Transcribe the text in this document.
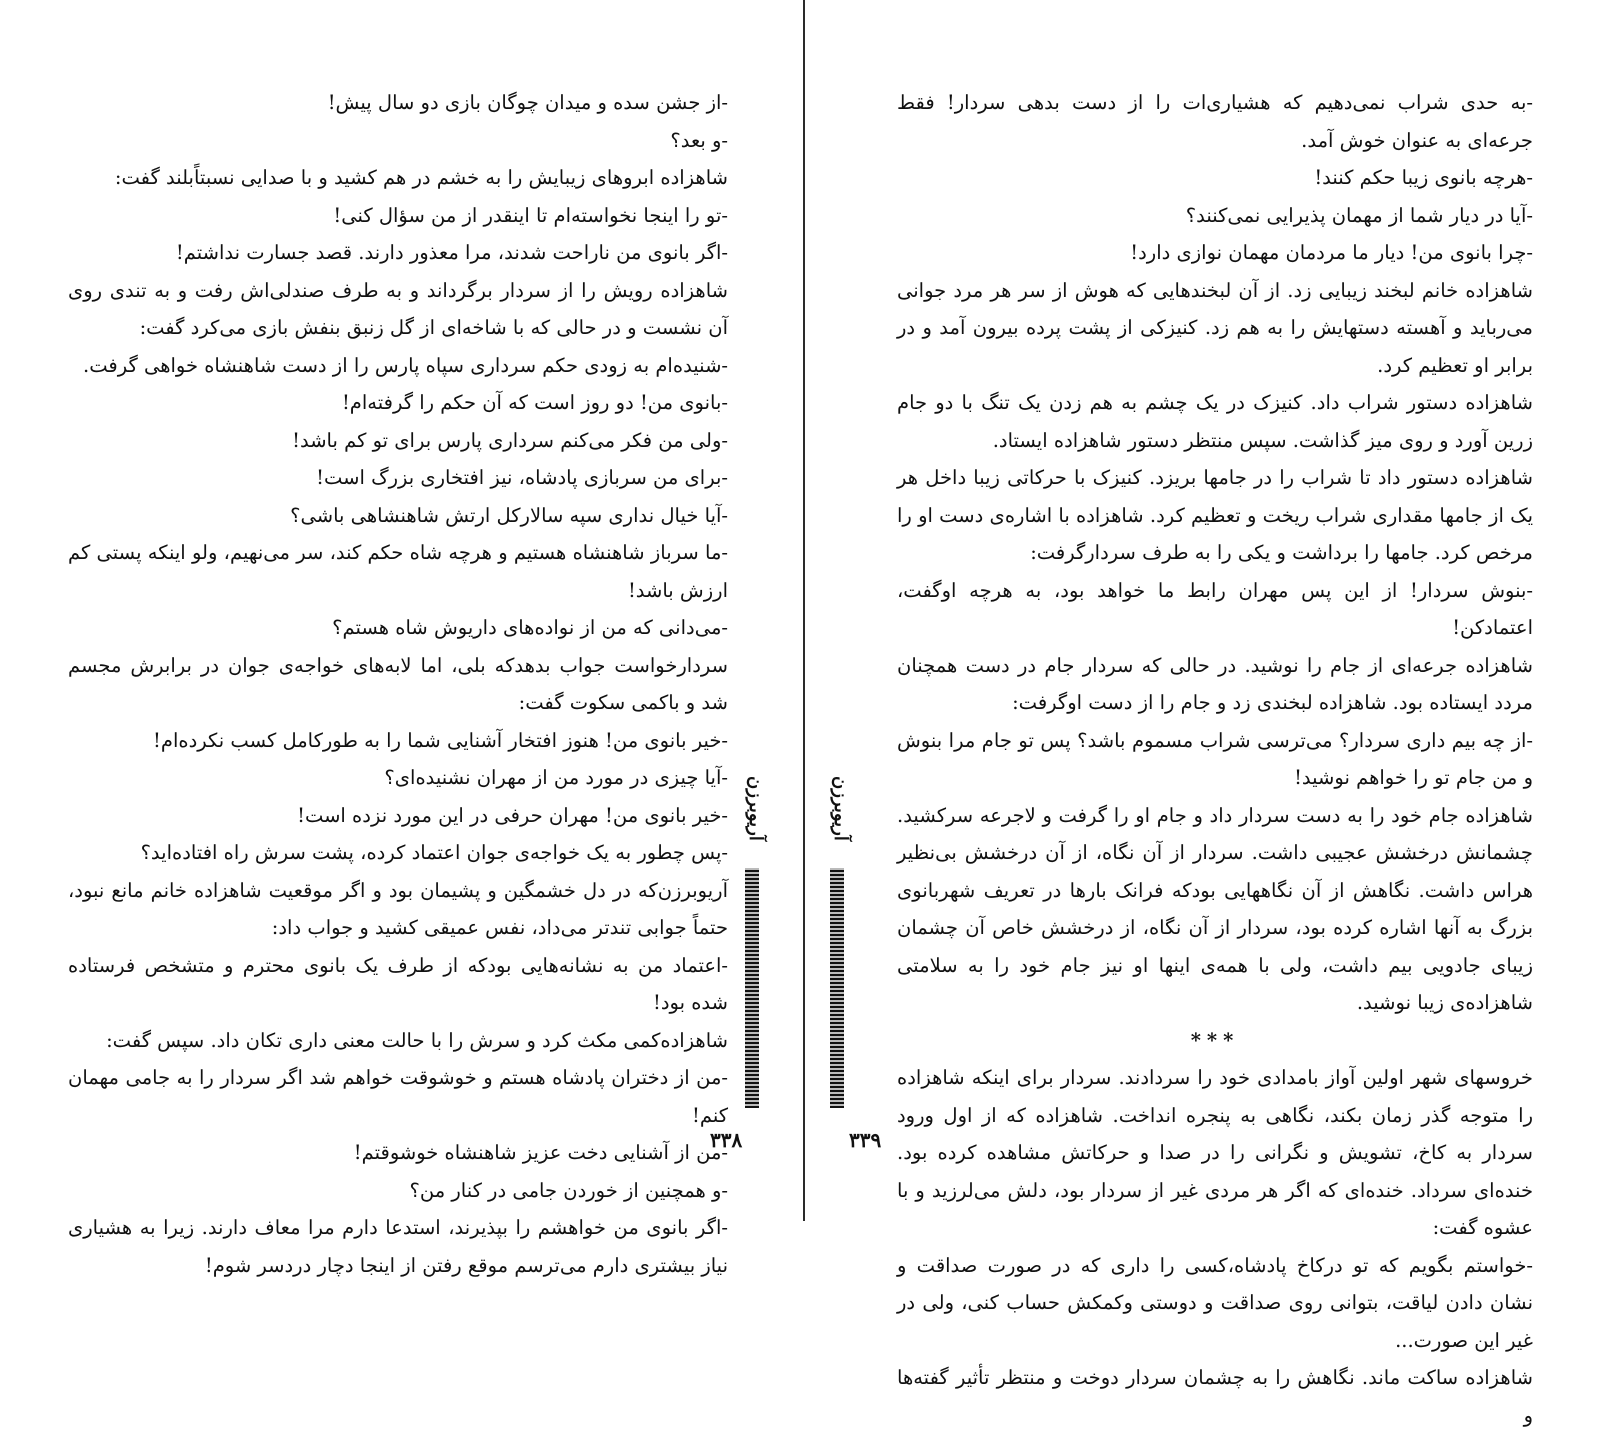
-از جشن سده و میدان چوگان بازی دو سال پیش!

-و بعد؟

شاهزاده ابروهای زیبایش را به خشم در هم کشید و با صدایی نسبتاًبلند گفت:

-تو را اینجا نخواسته‌ام تا اینقدر از من سؤال کنی!

-اگر بانوی من ناراحت شدند، مرا معذور دارند. قصد جسارت نداشتم!

شاهزاده رویش را از سردار برگرداند و به طرف صندلی‌اش رفت و به تندی روی آن نشست و در حالی که با شاخه‌ای از گل زنبق بنفش بازی می‌کرد گفت:

-شنیده‌ام به زودی حکم سرداری سپاه پارس را از دست شاهنشاه خواهی گرفت.

-بانوی من! دو روز است که آن حکم را گرفته‌ام!

-ولی من فکر می‌کنم سرداری پارس برای تو کم باشد!

-برای من سربازی پادشاه، نیز افتخاری بزرگ است!

-آیا خیال نداری سپه سالارکل ارتش شاهنشاهی باشی؟

-ما سرباز شاهنشاه هستیم و هرچه شاه حکم کند، سر می‌نهیم، ولو اینکه پستی کم ارزش باشد!

-می‌دانی که من از نواده‌های داریوش شاه هستم؟

سردارخواست جواب بدهدکه بلی، اما لابه‌های خواجه‌ی جوان در برابرش مجسم شد و باکمی سکوت گفت:

-خیر بانوی من! هنوز افتخار آشنایی شما را به طورکامل کسب نکرده‌ام!

-آیا چیزی در مورد من از مهران نشنیده‌ای؟

-خیر بانوی من! مهران حرفی در این مورد نزده است!

-پس چطور به یک خواجه‌ی جوان اعتماد کرده، پشت سرش راه افتاده‌اید؟

آریوبرزن‌که در دل خشمگین و پشیمان بود و اگر موقعیت شاهزاده خانم مانع نبود، حتماً جوابی تندتر می‌داد، نفس عمیقی کشید و جواب داد:

-اعتماد من به نشانه‌هایی بودکه از طرف یک بانوی محترم و متشخص فرستاده شده بود!

شاهزاده‌کمی مکث کرد و سرش را با حالت معنی داری تکان داد. سپس گفت:

-من از دختران پادشاه هستم و خوشوقت خواهم شد اگر سردار را به جامی مهمان کنم!

-من از آشنایی دخت عزیز شاهنشاه خوشوقتم!

-و همچنین از خوردن جامی در کنار من؟

-اگر بانوی من خواهشم را بپذیرند، استدعا دارم مرا معاف دارند. زیرا به هشیاری نیاز بیشتری دارم می‌ترسم موقع رفتن از اینجا دچار دردسر شوم!

آریوبرزن
۳۳۸

-به حدی شراب نمی‌دهیم که هشیاری‌ات را از دست بدهی سردار! فقط جرعه‌ای به عنوان خوش آمد.

-هرچه بانوی زیبا حکم کنند!

-آیا در دیار شما از مهمان پذیرایی نمی‌کنند؟

-چرا بانوی من! دیار ما مردمان مهمان نوازی دارد!

شاهزاده خانم لبخند زیبایی زد. از آن لبخندهایی که هوش از سر هر مرد جوانی می‌رباید و آهسته دستهایش را به هم زد. کنیزکی از پشت پرده بیرون آمد و در برابر او تعظیم کرد.

شاهزاده دستور شراب داد. کنیزک در یک چشم به هم زدن یک تنگ با دو جام زرین آورد و روی میز گذاشت. سپس منتظر دستور شاهزاده ایستاد.

شاهزاده دستور داد تا شراب را در جامها بریزد. کنیزک با حرکاتی زیبا داخل هر یک از جامها مقداری شراب ریخت و تعظیم کرد. شاهزاده با اشاره‌ی دست او را مرخص کرد. جامها را برداشت و یکی را به طرف سردارگرفت:

-بنوش سردار! از این پس مهران رابط ما خواهد بود، به هرچه اوگفت، اعتمادکن!

شاهزاده جرعه‌ای از جام را نوشید. در حالی که سردار جام در دست همچنان مردد ایستاده بود. شاهزاده لبخندی زد و جام را از دست اوگرفت:

-از چه بیم داری سردار؟ می‌ترسی شراب مسموم باشد؟ پس تو جام مرا بنوش و من جام تو را خواهم نوشید!

شاهزاده جام خود را به دست سردار داد و جام او را گرفت و لاجرعه سرکشید. چشمانش درخشش عجیبی داشت. سردار از آن نگاه، از آن درخشش بی‌نظیر هراس داشت. نگاهش از آن نگاههایی بودکه فرانک بارها در تعریف شهربانوی بزرگ به آنها اشاره کرده بود، سردار از آن نگاه، از درخشش خاص آن چشمان زیبای جادویی بیم داشت، ولی با همه‌ی اینها او نیز جام خود را به سلامتی شاهزاده‌ی زیبا نوشید.

***

خروسهای شهر اولین آواز بامدادی خود را سردادند. سردار برای اینکه شاهزاده را متوجه گذر زمان بکند، نگاهی به پنجره انداخت. شاهزاده که از اول ورود سردار به کاخ، تشویش و نگرانی را در صدا و حرکاتش مشاهده کرده بود. خنده‌ای سرداد. خنده‌ای که اگر هر مردی غیر از سردار بود، دلش می‌لرزید و با عشوه گفت:

-خواستم بگویم که تو درکاخ پادشاه،کسی را داری که در صورت صداقت و نشان دادن لیاقت، بتوانی روی صداقت و دوستی وکمکش حساب کنی، ولی در غیر این صورت...

شاهزاده ساکت ماند. نگاهش را به چشمان سردار دوخت و منتظر تأثیر گفته‌ها و

آریوبرزن
۳۳۹
